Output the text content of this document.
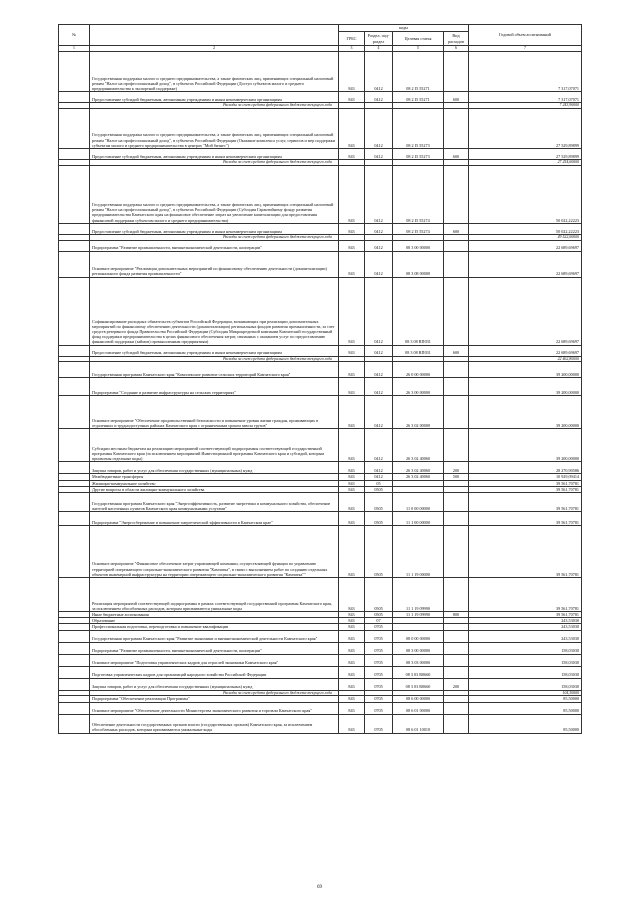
№		коды				Годовой объем ассигнований
		ГРБС	Раздел, под-раздел	Целевая статья	Вид расходов	
1	2	3	4	5	6	7
	Государственная поддержка малого и среднего предпринимательства, а также физических лиц, применяющих специальный налоговый режим "Налог на профессиональный доход", в субъектах Российской Федерации (Доступ субъектов малого и среднего предпринимательства к экспортной поддержке)	843	0412	08 2 I5 55271		7 317,07071
	Предоставление субсидий бюджетным, автономным учреждениям и иным некоммерческим организациям	843	0412	08 2 I5 55271	600	7 317,07071
	Расходы за счет средств федерального бюджета текущего года					7 243,90000
	Государственная поддержка малого и среднего предпринимательства, а также физических лиц, применяющих специальный налоговый режим "Налог на профессиональный доход", в субъектах Российской Федерации (Оказание комплекса услуг, сервисов и мер поддержки субъектам малого и среднего предпринимательства в центрах "Мой бизнес")	843	0412	08 2 I5 55273		27 529,89899
	Предоставление субсидий бюджетным, автономным учреждениям и иным некоммерческим организациям	843	0412	08 2 I5 55273	600	27 529,89899
	Расходы за счет средств федерального бюджета текущего года					27 254,60000
	Государственная поддержка малого и среднего предпринимательства, а также физических лиц, применяющих специальный налоговый режим "Налог на профессиональный доход", в субъектах Российской Федерации (Субсидия Гарантийному фонду развития предпринимательства Камчатского края на финансовое обеспечение затрат на увеличение капитализации для предоставления финансовой поддержки субъектам малого и среднего предпринимательства)	843	0412	08 2 I5 55274		50 022,22223
	Предоставление субсидий бюджетным, автономным учреждениям и иным некоммерческим организациям	843	0412	08 2 I5 55274	600	50 022,22223
	Расходы за счет средств федерального бюджета текущего года					49 522,00000
	Подпрограмма "Развитие промышленности, внешнеэкономической деятельности, кооперации"	843	0412	08 3 00 00000		22 689,69697
	Основное мероприятие "Реализация дополнительных мероприятий по финансовому обеспечению деятельности (докапитализации) регионального фонда развития промышленности"	843	0412	08 3 08 00000		22 689,69697
	Софинансирование расходных обязательств субъектов Российской Федерации, возникающих при реализации дополнительных мероприятий по финансовому обеспечению деятельности (докапитализации) региональных фондов развития промышленности, за счет средств резервного фонда Правительства Российской Федерации (Субсидия Микрокредитной компании Камчатский государственный фонд поддержки предпринимательства в целях финансового обеспечения затрат, связанных с оказанием услуг по предоставлению финансовой поддержки (займов) промышленным предприятиям)	843	0412	08 3 08 RП031		22 689,69697
	Предоставление субсидий бюджетным, автономным учреждениям и иным некоммерческим организациям	843	0412	08 3 08 RП031	600	22 689,69697
	Расходы за счет средств федерального бюджета текущего года					22 462,80000
	Государственная программа Камчатского края "Комплексное развитие сельских территорий Камчатского края"	843	0412	26 0 00 00000		39 200,00000
	Подпрограмма "Создание и развитие инфраструктуры на сельских территориях"	843	0412	26 3 00 00000		39 200,00000
	Основное мероприятие "Обеспечение продовольственной безопасности и повышение уровня жизни граждан, проживающих в отдаленных и труднодоступных районах Камчатского края с ограниченным сроком завоза грузов"	843	0412	26 3 02 00000		39 200,00000
	Субсидии местным бюджетам на реализацию мероприятий соответствующей подпрограммы соответствующей государственной программы Камчатского края (за исключением мероприятий Инвестиционной программы Камчатского края и субсидий, которым присвоены отдельные коды)	843	0412	26 3 02 40060		39 200,00000
	Закупка товаров, работ и услуг для обеспечения государственных (муниципальных) нужд	843	0412	26 3 02 40060	200	28 270,90586
	Межбюджетные трансферты	843	0412	26 3 02 40060	500	10 929,09414
	Жилищно-коммунальное хозяйство	843	05			39 561,70781
	Другие вопросы в области жилищно-коммунального хозяйства	843	0505			39 561,70781
	Государственная программа Камчатского края "Энергоэффективность, развитие энергетики и коммунального хозяйства, обеспечение жителей населенных пунктов Камчатского края коммунальными услугами"	843	0505	11 0 00 00000		39 561,70781
	Подпрограмма "Энергосбережение и повышение энергетической эффективности в Камчатском крае"	843	0505	11 1 00 00000		39 561,70781
	Основное мероприятие "Финансовое обеспечение затрат управляющей компании, осуществляющей функции по управлению территорией опережающего социально-экономического развития "Камчатка", в связи с выполнением работ по созданию отдельных объектов инженерной инфраструктуры на территории опережающего социально-экономического развития "Камчатка""	843	0505	11 1 19 00000		39 561,70781
	Реализация мероприятий соответствующей подпрограммы в рамках соответствующей государственной программы Камчатского края, за исключением обособленных расходов, которым присваиваются уникальные коды	843	0505	11 1 19 09990		39 561,70781
	Иные бюджетные ассигнования	843	0505	11 1 19 09990	800	39 561,70781
	Образование	843	07			243,53030
	Профессиональная подготовка, переподготовка и повышение квалификации	843	0705			243,53030
	Государственная программа Камчатского края "Развитие экономики и внешнеэкономической деятельности Камчатского края"	843	0705	08 0 00 00000		243,53030
	Подпрограмма "Развитие промышленности, внешнеэкономической деятельности, кооперации"	843	0705	08 3 00 00000		158,03030
	Основное мероприятие "Подготовка управленческих кадров для отраслей экономики Камчатского края"	843	0705	08 3 03 00000		158,03030
	Подготовка управленческих кадров для организаций народного хозяйства Российской Федерации	843	0705	08 3 03 R0660		158,03030
	Закупка товаров, работ и услуг для обеспечения государственных (муниципальных) нужд	843	0705	08 3 03 R0660	200	158,03030
	Расходы за счет средств федерального бюджета текущего года					104,30000
	Подпрограмма "Обеспечение реализации Программы"	843	0705	08 6 00 00000		85,50000
	Основное мероприятие "Обеспечение деятельности Министерства экономического развития и торговли Камчатского края"	843	0705	08 6 01 00000		85,50000
	Обеспечение деятельности государственных органов власти (государственных органов) Камчатского края, за исключением обособленных расходов, которым присваиваются уникальные коды	843	0705	08 6 01 10010		85,50000
69
